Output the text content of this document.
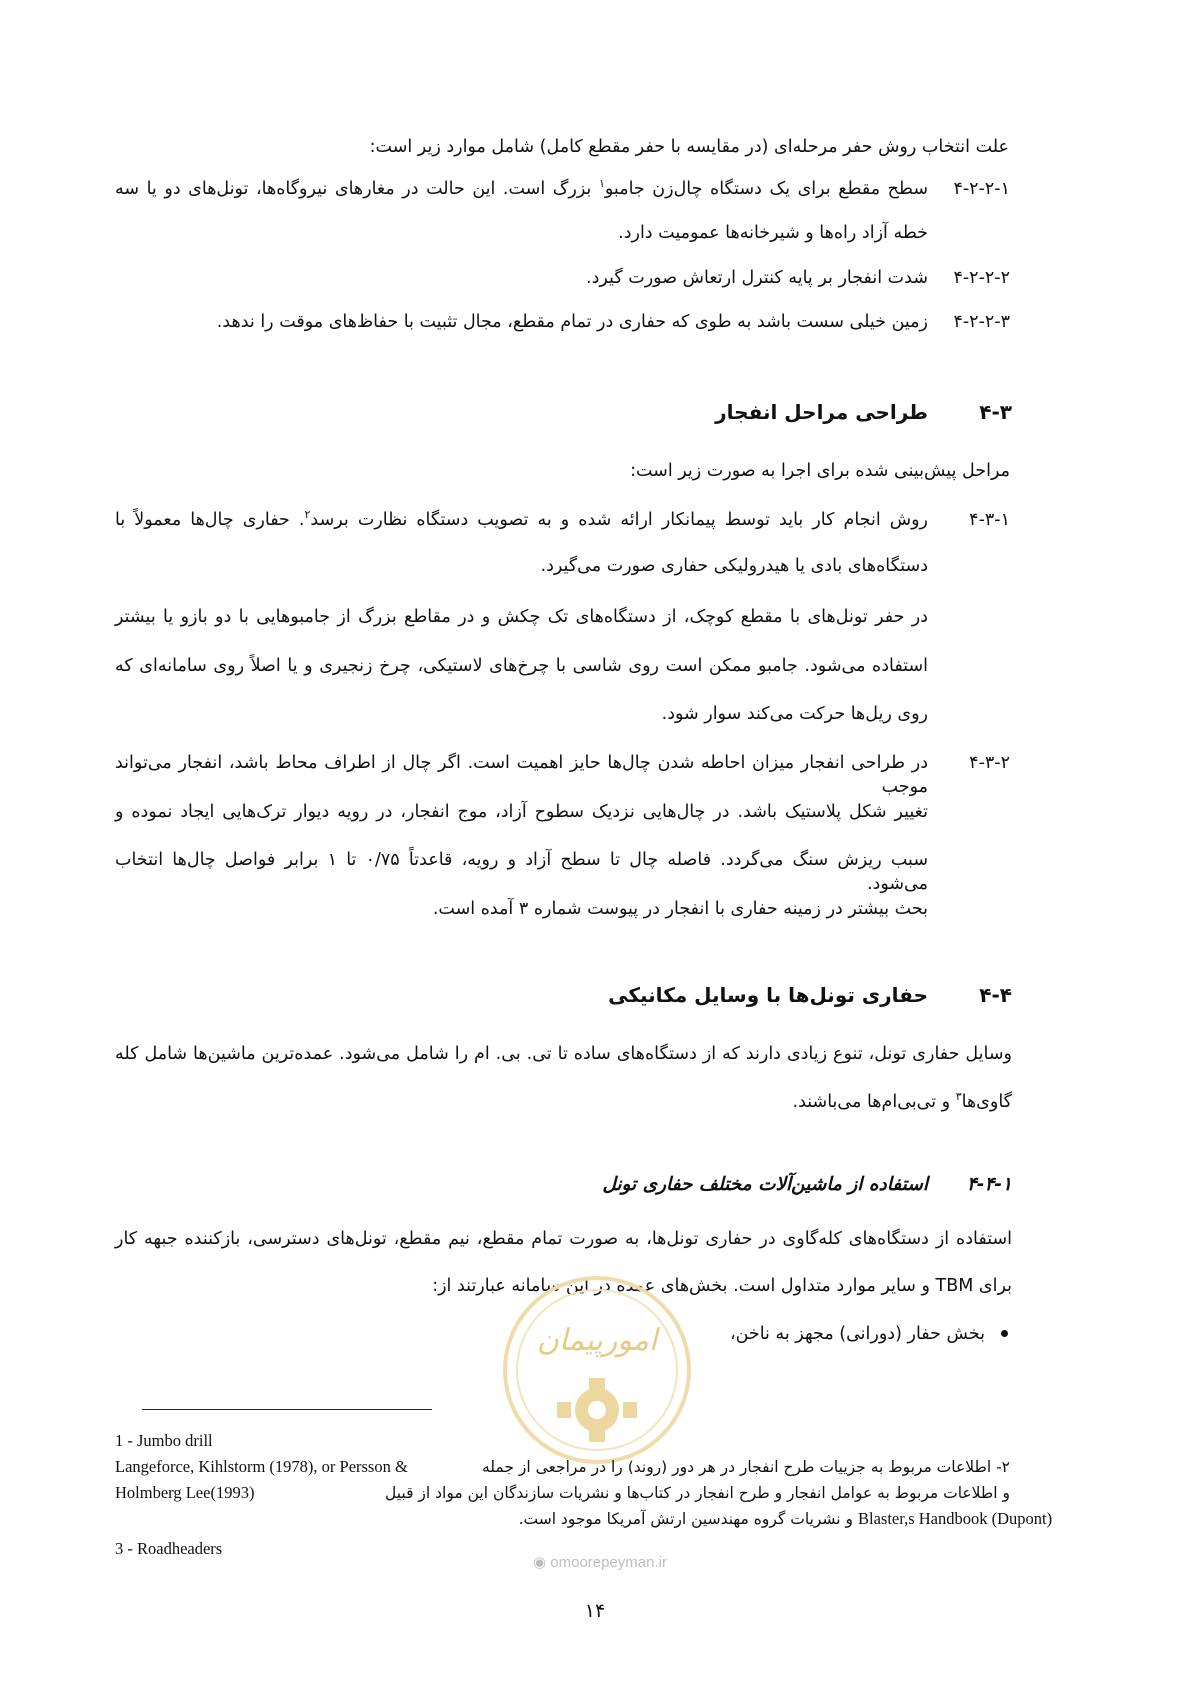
علت انتخاب روش حفر مرحله‌ای (در مقایسه با حفر مقطع کامل) شامل موارد زیر است:
۴-۲-۲-۱
سطح مقطع برای یک دستگاه چال‌زن جامبو$^۱$ بزرگ است. این حالت در مغارهای نیروگاه‌ها، تونل‌های دو یا سه
خطه آزاد راه‌ها و شیرخانه‌ها عمومیت دارد.
۴-۲-۲-۲
شدت انفجار بر پایه کنترل ارتعاش صورت گیرد.
۴-۲-۲-۳
زمین خیلی سست باشد به طوی که حفاری در تمام مقطع، مجال تثبیت با حفاظ‌های موقت را ندهد.
۴-۳
طراحی مراحل انفجار
مراحل پیش‌بینی شده برای اجرا به صورت زیر است:
۴-۳-۱
روش انجام کار باید توسط پیمانکار ارائه شده و به تصویب دستگاه نظارت برسد$^۲$. حفاری چال‌ها معمولاً با
دستگاه‌های بادی یا هیدرولیکی حفاری صورت می‌گیرد.
در حفر تونل‌های با مقطع کوچک، از دستگاه‌های تک چکش و در مقاطع بزرگ از جامبوهایی با دو بازو یا بیشتر
استفاده می‌شود. جامبو ممکن است روی شاسی با چرخ‌های لاستیکی، چرخ زنجیری و یا اصلاً روی سامانه‌ای که
روی ریل‌ها حرکت می‌کند سوار شود.
۴-۳-۲
در طراحی انفجار میزان احاطه شدن چال‌ها حایز اهمیت است. اگر چال از اطراف محاط باشد، انفجار می‌تواند موجب
تغییر شکل پلاستیک باشد. در چال‌هایی نزدیک سطوح آزاد، موج انفجار، در رویه دیوار ترک‌هایی ایجاد نموده و
سبب ریزش سنگ می‌گردد. فاصله چال تا سطح آزاد و رویه، قاعدتاً ۰/۷۵ تا ۱ برابر فواصل چال‌ها انتخاب می‌شود.
بحث بیشتر در زمینه حفاری با انفجار در پیوست شماره ۳ آمده است.
۴-۴
حفاری تونل‌ها با وسایل مکانیکی
وسایل حفاری تونل، تنوع زیادی دارند که از دستگاه‌های ساده تا تی. بی. ام را شامل می‌شود. عمده‌ترین ماشین‌ها شامل کله
گاوی‌ها$^۳$ و تی‌بی‌ام‌ها می‌باشند.
۴-۴-۱
استفاده از ماشین‌آلات مختلف حفاری تونل
استفاده از دستگاه‌های کله‌گاوی در حفاری تونل‌ها، به صورت تمام مقطع، نیم مقطع، تونل‌های دسترسی، بازکننده جبهه کار
برای TBM و سایر موارد متداول است. بخش‌های عمده در این سامانه عبارتند از:
بخش حفار (دورانی) مجهز به ناخن،
امورپیمان
◉ omoorepeyman.ir
1 - Jumbo drill
Langeforce, Kihlstorm (1978), or Persson &	۲- اطلاعات مربوط به جزییات طرح انفجار در هر دور (روند) را در مراجعی از جمله
Holmberg Lee(1993)	و اطلاعات مربوط به عوامل انفجار و طرح انفجار در کتاب‌ها و نشریات سازندگان این مواد از قبیل
Blaster,s Handbook (Dupont)
و نشریات گروه مهندسین ارتش آمریکا موجود است.
3 - Roadheaders
۱۴
